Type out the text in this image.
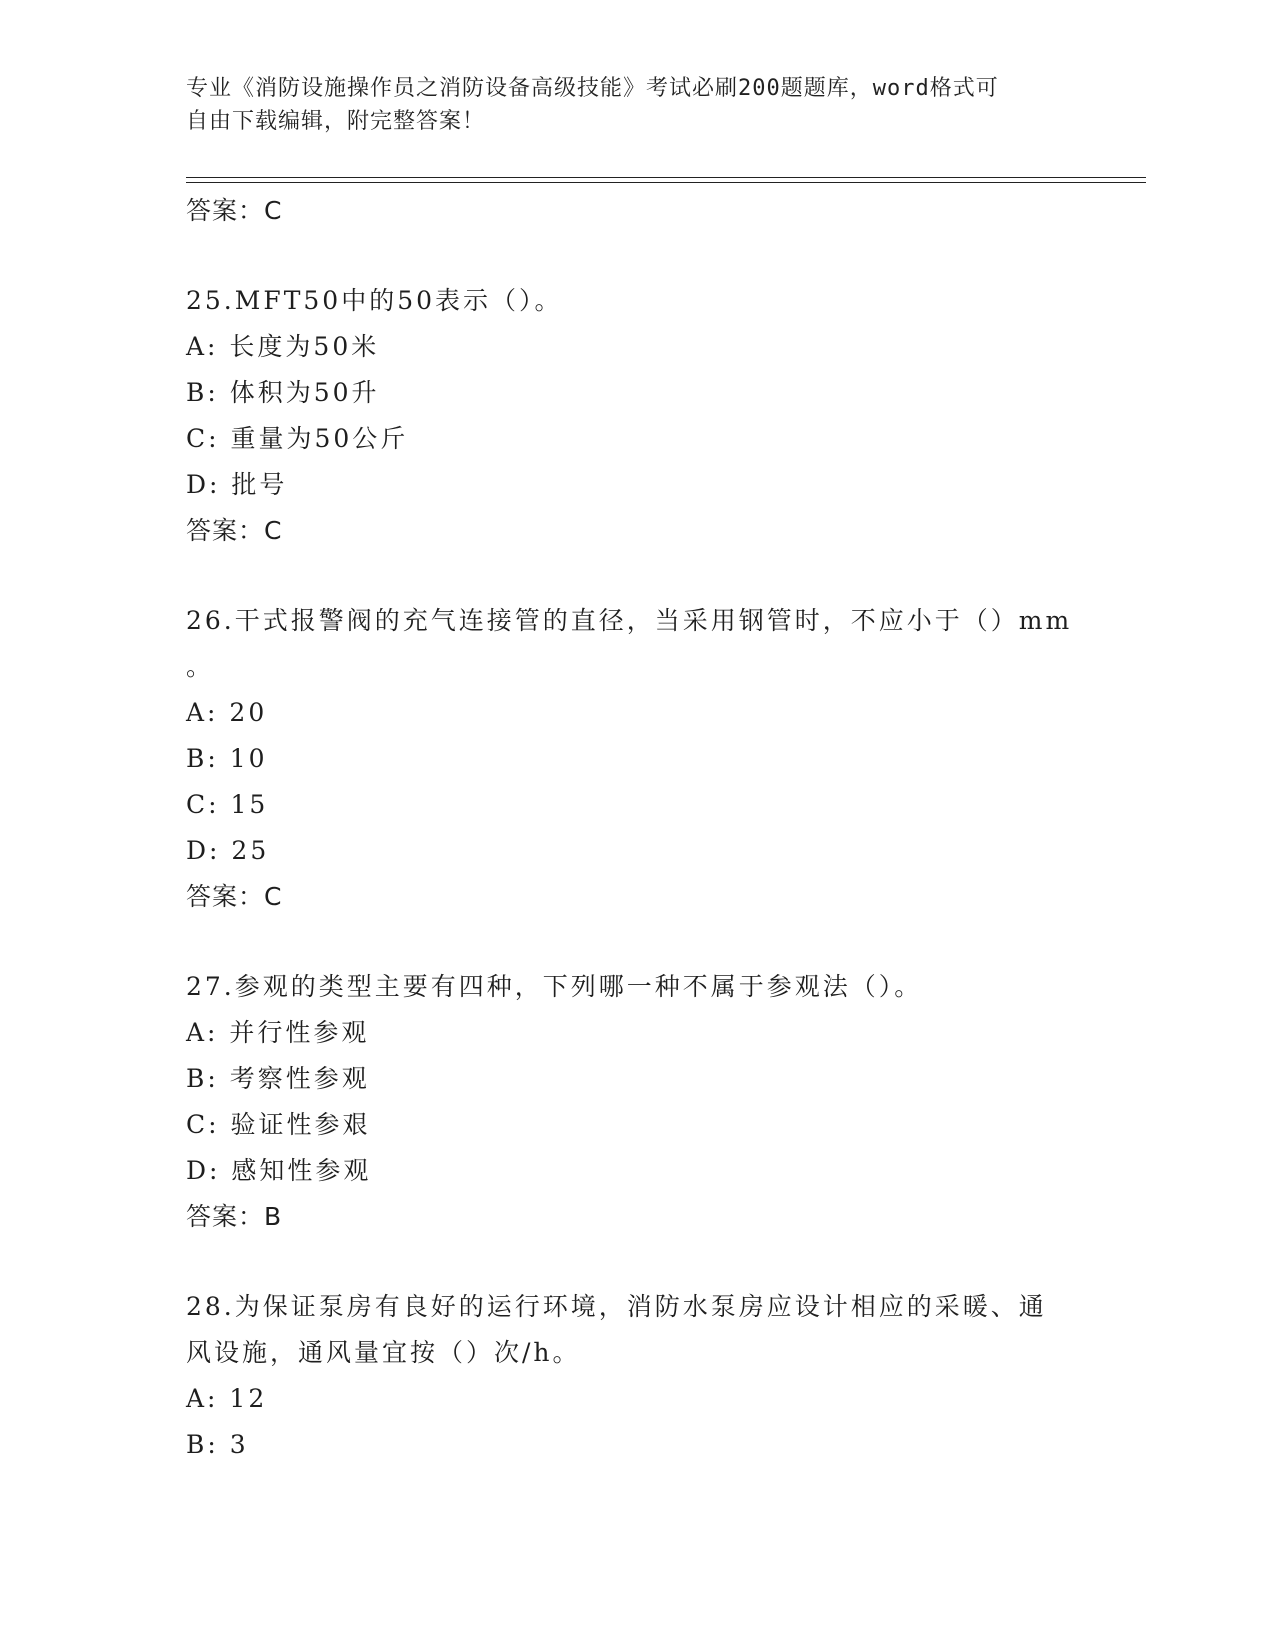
专业《消防设施操作员之消防设备高级技能》考试必刷200题题库，word格式可
自由下载编辑，附完整答案！
答案：C
25.MFT50中的50表示（）。
A: 长度为50米
B: 体积为50升
C: 重量为50公斤
D: 批号
答案：C
26.干式报警阀的充气连接管的直径，当采用钢管时，不应小于（）mm
。
A: 20
B: 10
C: 15
D: 25
答案：C
27.参观的类型主要有四种，下列哪一种不属于参观法（）。
A: 并行性参观
B: 考察性参观
C: 验证性参艰
D: 感知性参观
答案：B
28.为保证泵房有良好的运行环境，消防水泵房应设计相应的采暖、通
风设施，通风量宜按（）次/h。
A: 12
B: 3
